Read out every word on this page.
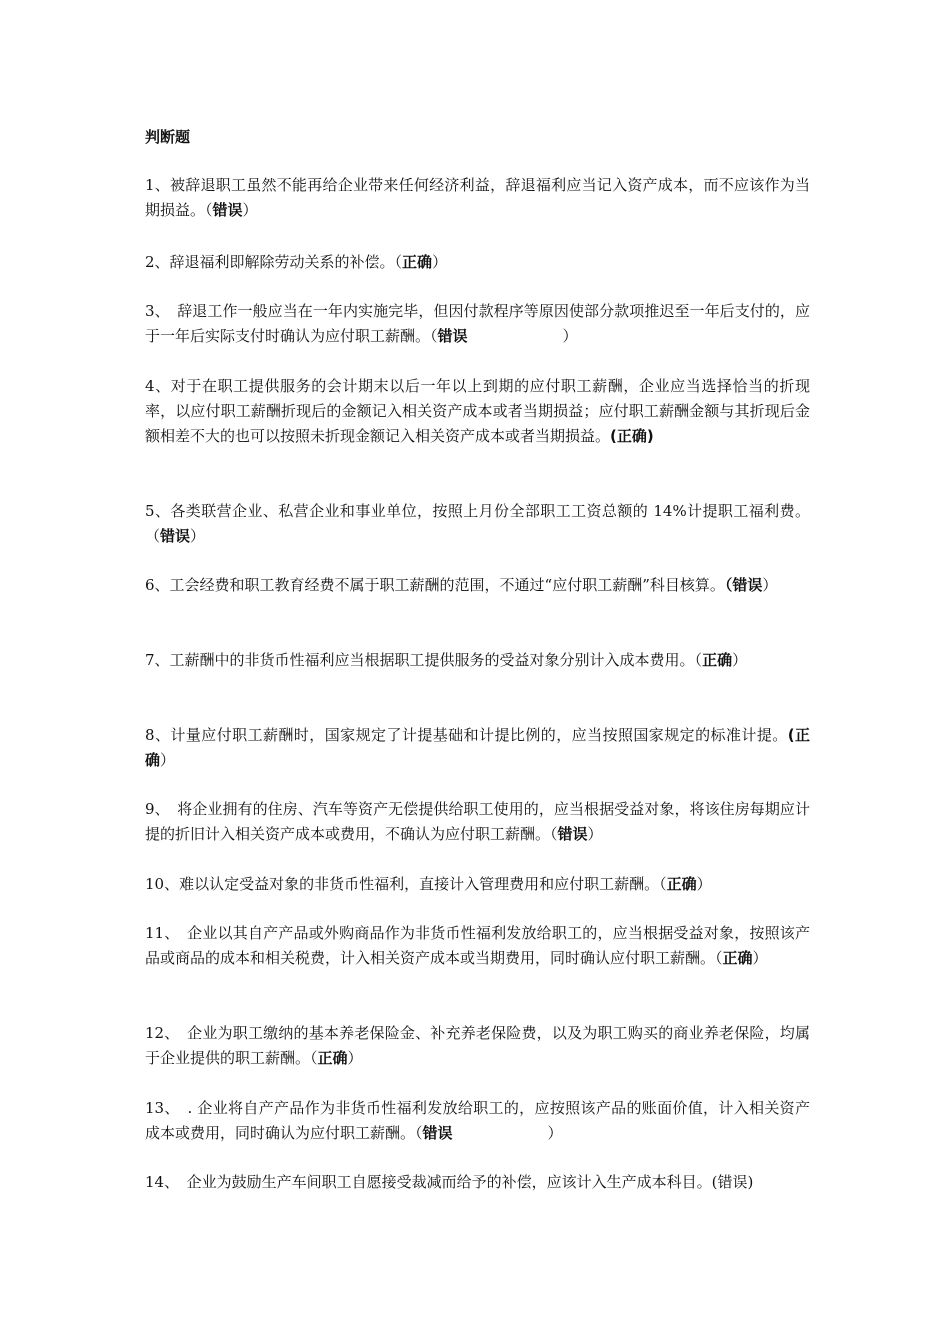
判断题
1、被辞退职工虽然不能再给企业带来任何经济利益，辞退福利应当记入资产成本，而不应该作为当期损益。（错误）
2、辞退福利即解除劳动关系的补偿。（正确）
3、　辞退工作一般应当在一年内实施完毕，但因付款程序等原因使部分款项推迟至一年后支付的，应于一年后实际支付时确认为应付职工薪酬。（错误	）
4、对于在职工提供服务的会计期末以后一年以上到期的应付职工薪酬，企业应当选择恰当的折现率，以应付职工薪酬折现后的金额记入相关资产成本或者当期损益；应付职工薪酬金额与其折现后金额相差不大的也可以按照未折现金额记入相关资产成本或者当期损益。(正确)
5、各类联营企业、私营企业和事业单位，按照上月份全部职工工资总额的 14%计提职工福利费。（错误）
6、工会经费和职工教育经费不属于职工薪酬的范围，不通过“应付职工薪酬”科目核算。（错误）
7、工薪酬中的非货币性福利应当根据职工提供服务的受益对象分别计入成本费用。（正确）
8、计量应付职工薪酬时，国家规定了计提基础和计提比例的，应当按照国家规定的标准计提。(正确）
9、　将企业拥有的住房、汽车等资产无偿提供给职工使用的，应当根据受益对象，将该住房每期应计提的折旧计入相关资产成本或费用，不确认为应付职工薪酬。（错误）
10、难以认定受益对象的非货币性福利，直接计入管理费用和应付职工薪酬。（正确）
11、　企业以其自产产品或外购商品作为非货币性福利发放给职工的，应当根据受益对象，按照该产品或商品的成本和相关税费，计入相关资产成本或当期费用，同时确认应付职工薪酬。（正确）
12、　企业为职工缴纳的基本养老保险金、补充养老保险费，以及为职工购买的商业养老保险，均属于企业提供的职工薪酬。（正确）
13、　. 企业将自产产品作为非货币性福利发放给职工的，应按照该产品的账面价值，计入相关资产成本或费用，同时确认为应付职工薪酬。（错误	）
14、　企业为鼓励生产车间职工自愿接受裁减而给予的补偿，应该计入生产成本科目。(错误)
